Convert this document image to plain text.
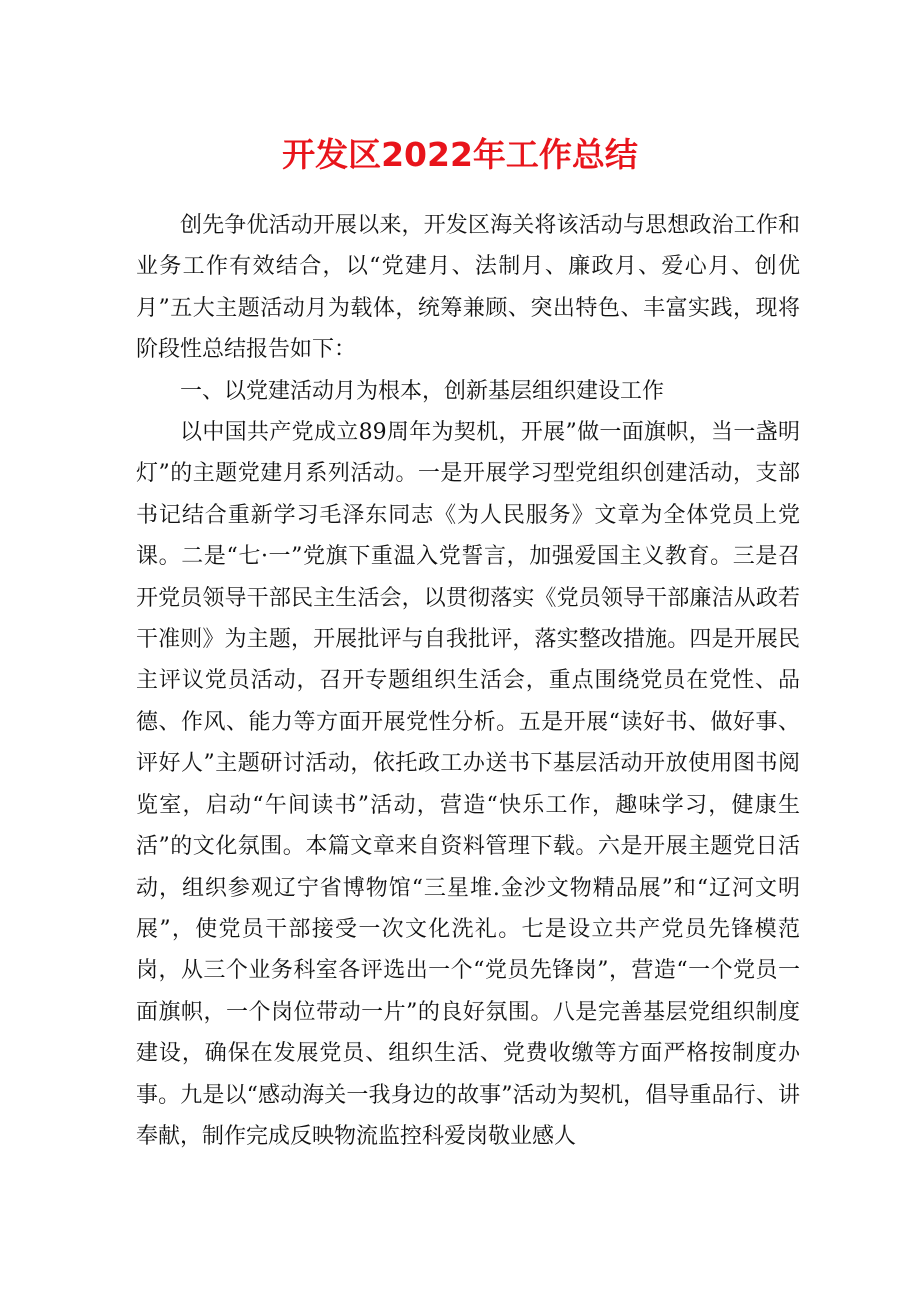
开发区2022年工作总结

创先争优活动开展以来，开发区海关将该活动与思想政治工作和业务工作有效结合，以“党建月、法制月、廉政月、爱心月、创优月”五大主题活动月为载体，统筹兼顾、突出特色、丰富实践，现将阶段性总结报告如下：

一、以党建活动月为根本，创新基层组织建设工作

以中国共产党成立89周年为契机，开展”做一面旗帜，当一盏明灯”的主题党建月系列活动。一是开展学习型党组织创建活动，支部书记结合重新学习毛泽东同志《为人民服务》文章为全体党员上党课。二是“七·一”党旗下重温入党誓言，加强爱国主义教育。三是召开党员领导干部民主生活会，以贯彻落实《党员领导干部廉洁从政若干准则》为主题，开展批评与自我批评，落实整改措施。四是开展民主评议党员活动，召开专题组织生活会，重点围绕党员在党性、品德、作风、能力等方面开展党性分析。五是开展“读好书、做好事、评好人”主题研讨活动，依托政工办送书下基层活动开放使用图书阅览室，启动“午间读书”活动，营造“快乐工作，趣味学习，健康生活”的文化氛围。本篇文章来自资料管理下载。六是开展主题党日活动，组织参观辽宁省博物馆“三星堆.金沙文物精品展”和“辽河文明展”，使党员干部接受一次文化洗礼。七是设立共产党员先锋模范岗，从三个业务科室各评选出一个“党员先锋岗”，营造“一个党员一面旗帜，一个岗位带动一片”的良好氛围。八是完善基层党组织制度建设，确保在发展党员、组织生活、党费收缴等方面严格按制度办事。九是以“感动海关一我身边的故事”活动为契机，倡导重品行、讲奉献，制作完成反映物流监控科爱岗敬业感人
